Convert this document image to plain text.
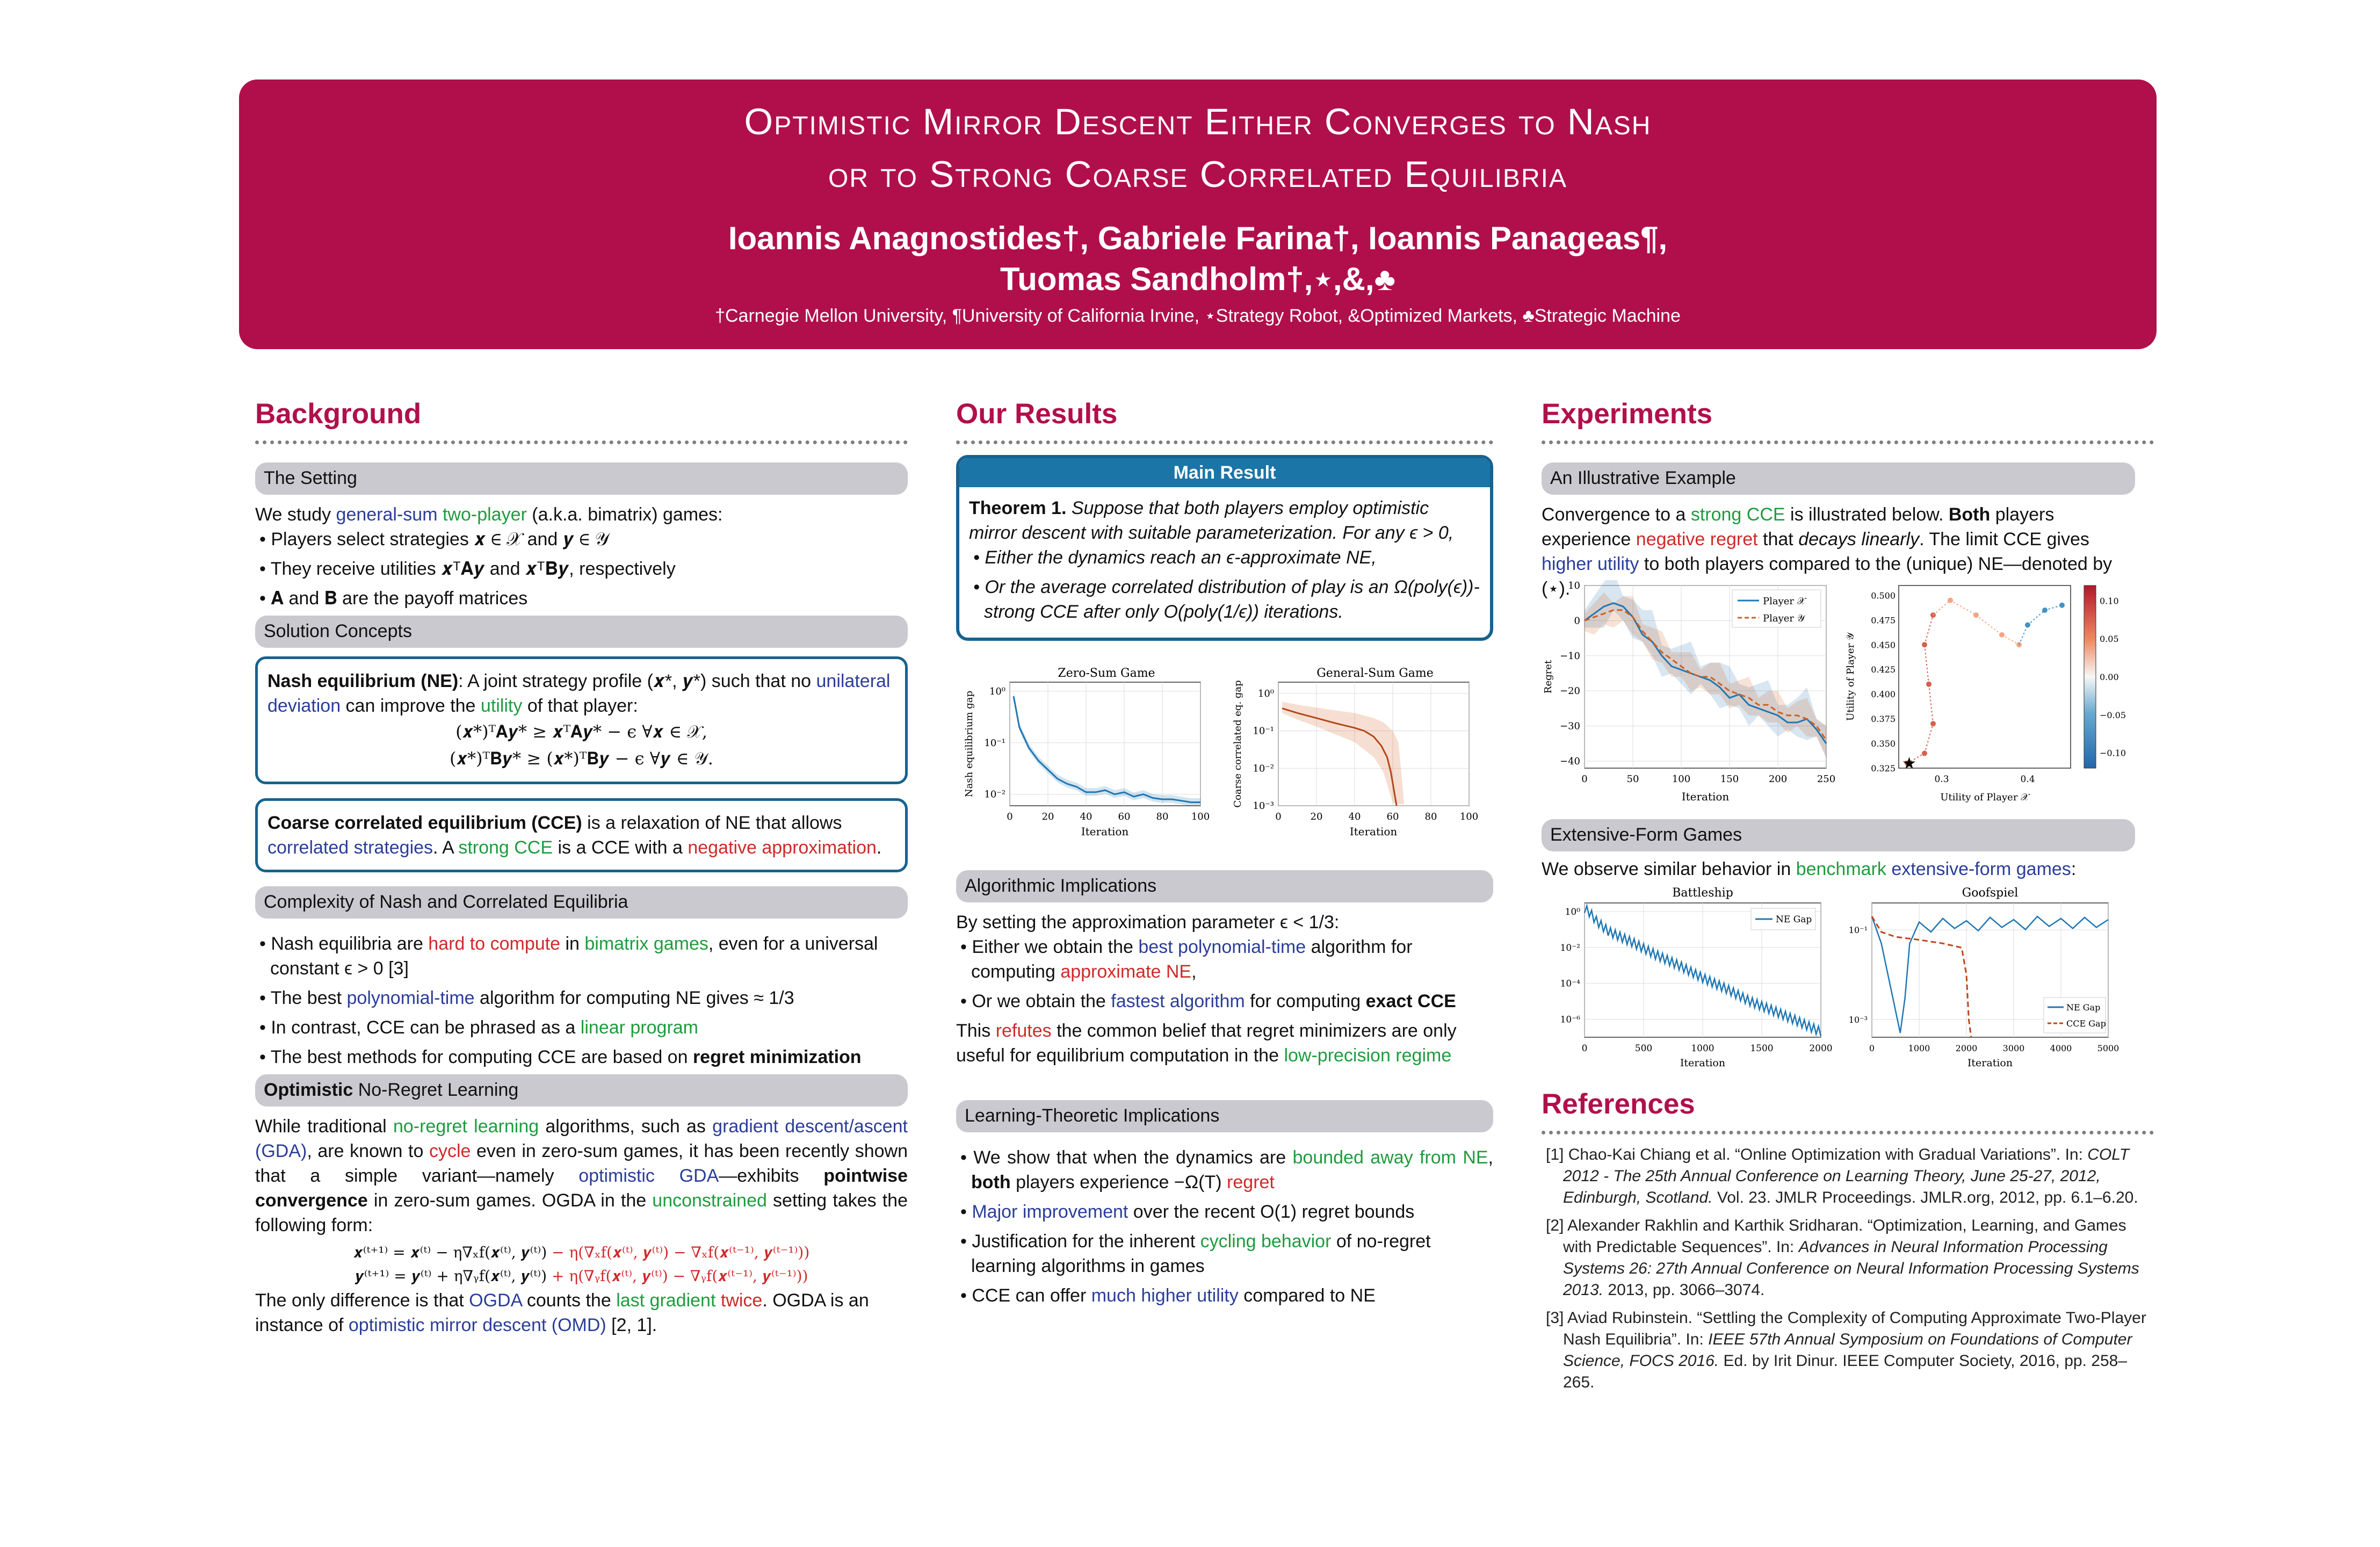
Optimistic Mirror Descent Either Converges to Nash
or to Strong Coarse Correlated Equilibria
Ioannis Anagnostides†, Gabriele Farina†, Ioannis Panageas¶,
Tuomas Sandholm†,⋆,&,♣
†Carnegie Mellon University, ¶University of California Irvine, ⋆Strategy Robot, &Optimized Markets, ♣Strategic Machine
Background
The Setting
We study general-sum two-player (a.k.a. bimatrix) games:
• Players select strategies 𝒙 ∈ 𝒳 and 𝒚 ∈ 𝒴
• They receive utilities 𝒙ᵀ𝐀𝒚 and 𝒙ᵀ𝐁𝒚, respectively
• 𝐀 and 𝐁 are the payoff matrices
Solution Concepts
Nash equilibrium (NE): A joint strategy profile (𝒙*, 𝒚*) such that no unilateral deviation can improve the utility of that player:
(𝒙*)ᵀ𝐀𝒚* ≥ 𝒙ᵀ𝐀𝒚* − ϵ ∀𝒙 ∈ 𝒳,
(𝒙*)ᵀ𝐁𝒚* ≥ (𝒙*)ᵀ𝐁𝒚 − ϵ ∀𝒚 ∈ 𝒴.
Coarse correlated equilibrium (CCE) is a relaxation of NE that allows correlated strategies. A strong CCE is a CCE with a negative approximation.
Complexity of Nash and Correlated Equilibria
• Nash equilibria are hard to compute in bimatrix games, even for a universal constant ϵ > 0 [3]
• The best polynomial-time algorithm for computing NE gives ≈ 1/3
• In contrast, CCE can be phrased as a linear program
• The best methods for computing CCE are based on regret minimization
Optimistic No-Regret Learning
While traditional no-regret learning algorithms, such as gradient descent/ascent (GDA), are known to cycle even in zero-sum games, it has been recently shown that a simple variant—namely optimistic GDA—exhibits pointwise convergence in zero-sum games. OGDA in the unconstrained setting takes the following form:
𝒙⁽ᵗ⁺¹⁾ = 𝒙⁽ᵗ⁾ − η∇ₓf(𝒙⁽ᵗ⁾, 𝒚⁽ᵗ⁾) − η(∇ₓf(𝒙⁽ᵗ⁾, 𝒚⁽ᵗ⁾) − ∇ₓf(𝒙⁽ᵗ⁻¹⁾, 𝒚⁽ᵗ⁻¹⁾))
𝒚⁽ᵗ⁺¹⁾ = 𝒚⁽ᵗ⁾ + η∇ᵧf(𝒙⁽ᵗ⁾, 𝒚⁽ᵗ⁾) + η(∇ᵧf(𝒙⁽ᵗ⁾, 𝒚⁽ᵗ⁾) − ∇ᵧf(𝒙⁽ᵗ⁻¹⁾, 𝒚⁽ᵗ⁻¹⁾))
The only difference is that OGDA counts the last gradient twice. OGDA is an instance of optimistic mirror descent (OMD) [2, 1].
Our Results
Main Result
Theorem 1. Suppose that both players employ optimistic mirror descent with suitable parameterization. For any ϵ > 0,
• Either the dynamics reach an ϵ-approximate NE,
• Or the average correlated distribution of play is an Ω(poly(ϵ))-strong CCE after only O(poly(1/ϵ)) iterations.
Zero-Sum Game
0	20	40	60	80 100
10⁰
10⁻¹
10⁻²
Iteration
Nash equilibrium gap
General-Sum Game
0	20	40	60	80 100
10⁰
10⁻¹
10⁻²
10⁻³
Iteration
Coarse correlated eq. gap
Algorithmic Implications
By setting the approximation parameter ϵ < 1/3:
• Either we obtain the best polynomial-time algorithm for computing approximate NE,
• Or we obtain the fastest algorithm for computing exact CCE
This refutes the common belief that regret minimizers are only useful for equilibrium computation in the low-precision regime
Learning-Theoretic Implications
• We show that when the dynamics are bounded away from NE, both players experience −Ω(T) regret
• Major improvement over the recent O(1) regret bounds
• Justification for the inherent cycling behavior of no-regret learning algorithms in games
• CCE can offer much higher utility compared to NE
Experiments
An Illustrative Example
Convergence to a strong CCE is illustrated below. Both players experience negative regret that decays linearly. The limit CCE gives higher utility to both players compared to the (unique) NE—denoted by (⋆).
0	50	100	150	200	250
10
0
−10
−20
−30
−40
Player 𝒳
Player 𝒴
Iteration
Regret
0.3	0.4
0.500
0.475
0.450
0.425
0.400
0.375
0.350
0.325 ★
0.10
0.05
0.00
−0.05
−0.10
Utility of Player 𝒳
Utility of Player 𝒴
Extensive-Form Games
We observe similar behavior in benchmark extensive-form games:
Battleship
0	500	1000	1500	2000
10⁰
10⁻²
10⁻⁴
10⁻⁶
NE Gap
Iteration
Goofspiel
0	1000	2000	3000	4000	5000
10⁻¹
10⁻³
NE Gap
CCE Gap
Iteration
References
[1] Chao-Kai Chiang et al. “Online Optimization with Gradual Variations”. In: COLT 2012 - The 25th Annual Conference on Learning Theory, June 25-27, 2012, Edinburgh, Scotland. Vol. 23. JMLR Proceedings. JMLR.org, 2012, pp. 6.1–6.20.
[2] Alexander Rakhlin and Karthik Sridharan. “Optimization, Learning, and Games with Predictable Sequences”. In: Advances in Neural Information Processing Systems 26: 27th Annual Conference on Neural Information Processing Systems 2013. 2013, pp. 3066–3074.
[3] Aviad Rubinstein. “Settling the Complexity of Computing Approximate Two-Player Nash Equilibria”. In: IEEE 57th Annual Symposium on Foundations of Computer Science, FOCS 2016. Ed. by Irit Dinur. IEEE Computer Society, 2016, pp. 258–265.
